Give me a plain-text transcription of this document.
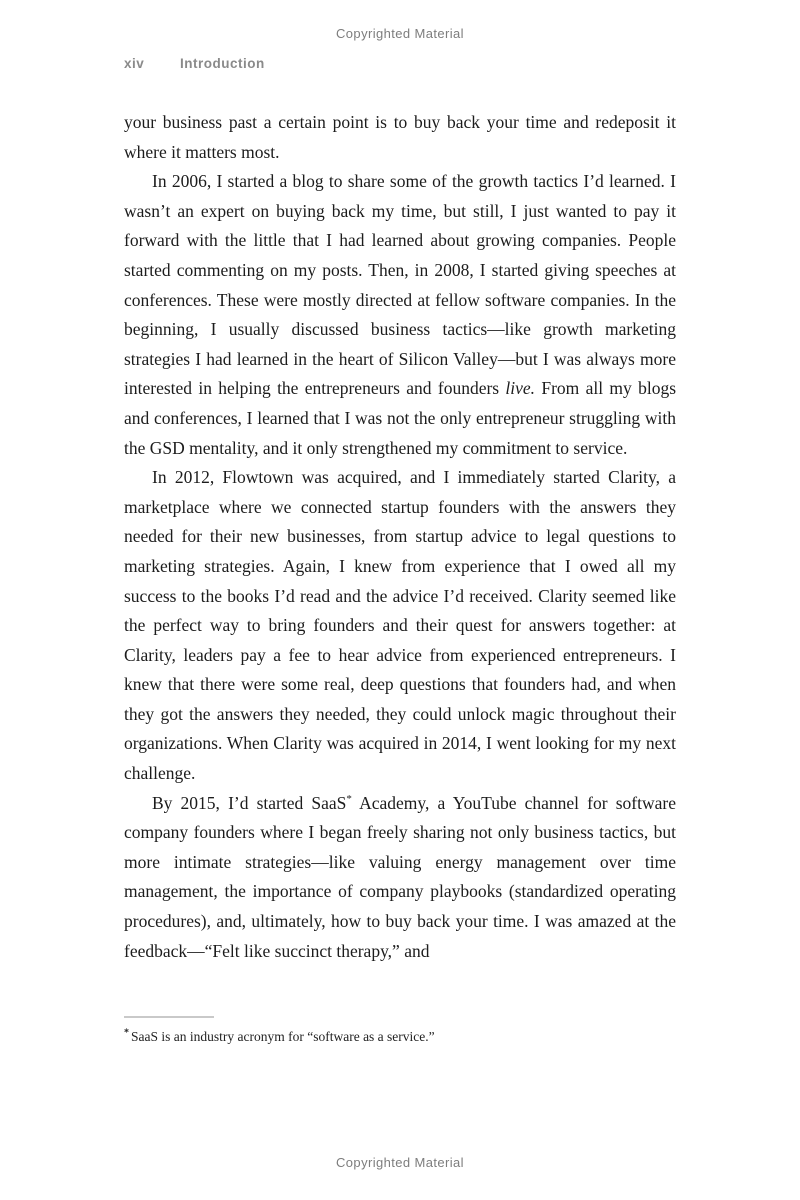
Copyrighted Material
xiv	Introduction

your business past a certain point is to buy back your time and redeposit it where it matters most.

In 2006, I started a blog to share some of the growth tactics I’d learned. I wasn’t an expert on buying back my time, but still, I just wanted to pay it forward with the little that I had learned about growing companies. People started commenting on my posts. Then, in 2008, I started giving speeches at conferences. These were mostly directed at fellow software companies. In the beginning, I usually discussed business tactics—like growth marketing strategies I had learned in the heart of Silicon Valley—but I was always more interested in helping the entrepreneurs and founders live. From all my blogs and conferences, I learned that I was not the only entrepreneur struggling with the GSD mentality, and it only strengthened my commitment to service.

In 2012, Flowtown was acquired, and I immediately started Clarity, a marketplace where we connected startup founders with the answers they needed for their new businesses, from startup advice to legal questions to marketing strategies. Again, I knew from experience that I owed all my success to the books I’d read and the advice I’d received. Clarity seemed like the perfect way to bring founders and their quest for answers together: at Clarity, leaders pay a fee to hear advice from experienced entrepreneurs. I knew that there were some real, deep questions that founders had, and when they got the answers they needed, they could unlock magic throughout their organizations. When Clarity was acquired in 2014, I went looking for my next challenge.

By 2015, I’d started SaaS* Academy, a YouTube channel for software company founders where I began freely sharing not only business tactics, but more intimate strategies—like valuing energy management over time management, the importance of company playbooks (standardized operating procedures), and, ultimately, how to buy back your time. I was amazed at the feedback—“Felt like succinct therapy,” and

* SaaS is an industry acronym for “software as a service.”

Copyrighted Material
